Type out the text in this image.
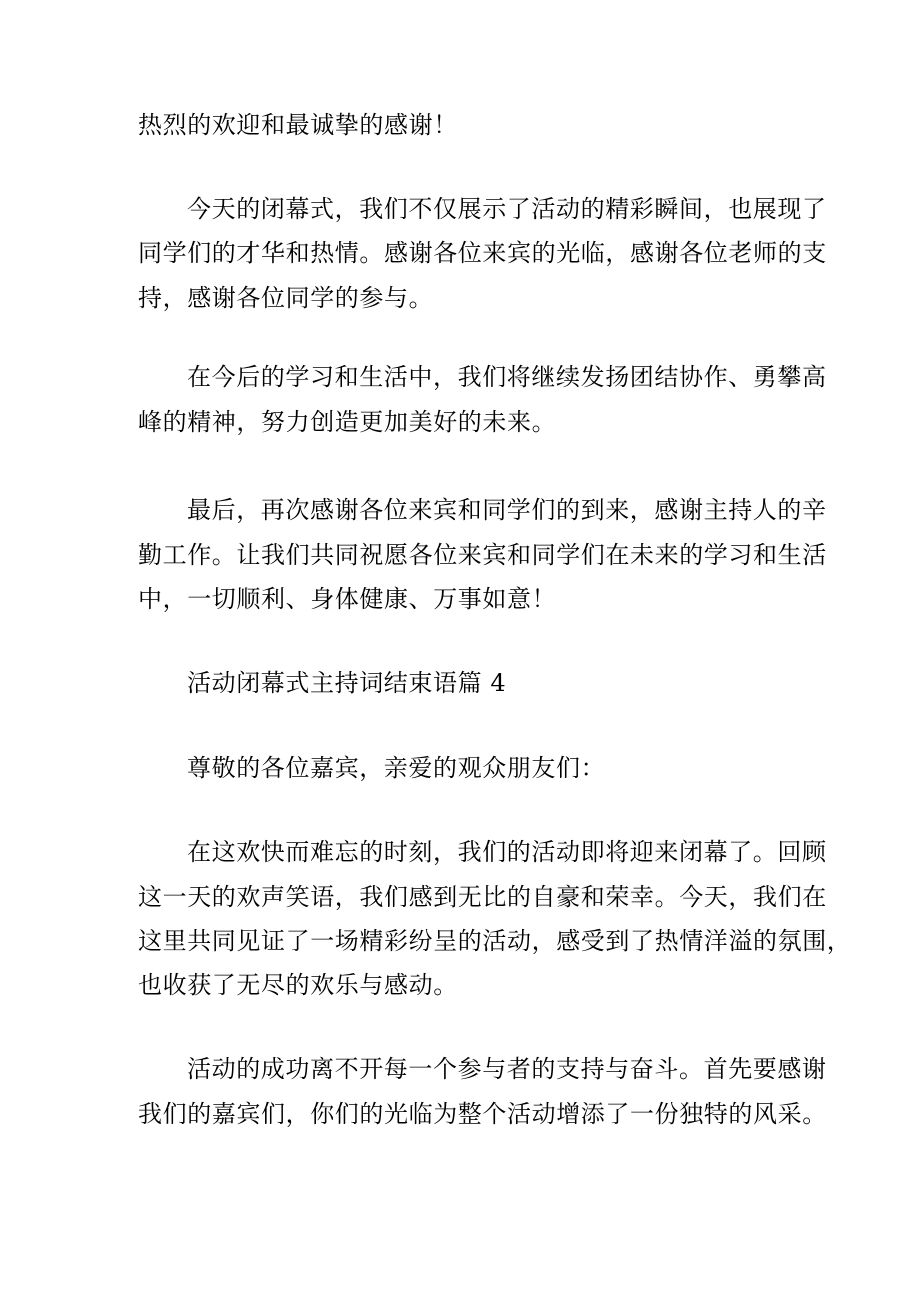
热烈的欢迎和最诚挚的感谢！
今天的闭幕式，我们不仅展示了活动的精彩瞬间，也展现了
同学们的才华和热情。感谢各位来宾的光临，感谢各位老师的支
持，感谢各位同学的参与。
在今后的学习和生活中，我们将继续发扬团结协作、勇攀高
峰的精神，努力创造更加美好的未来。
最后，再次感谢各位来宾和同学们的到来，感谢主持人的辛
勤工作。让我们共同祝愿各位来宾和同学们在未来的学习和生活
中，一切顺利、身体健康、万事如意！
活动闭幕式主持词结束语篇 4
尊敬的各位嘉宾，亲爱的观众朋友们：
在这欢快而难忘的时刻，我们的活动即将迎来闭幕了。回顾
这一天的欢声笑语，我们感到无比的自豪和荣幸。今天，我们在
这里共同见证了一场精彩纷呈的活动，感受到了热情洋溢的氛围，
也收获了无尽的欢乐与感动。
活动的成功离不开每一个参与者的支持与奋斗。首先要感谢
我们的嘉宾们，你们的光临为整个活动增添了一份独特的风采。
